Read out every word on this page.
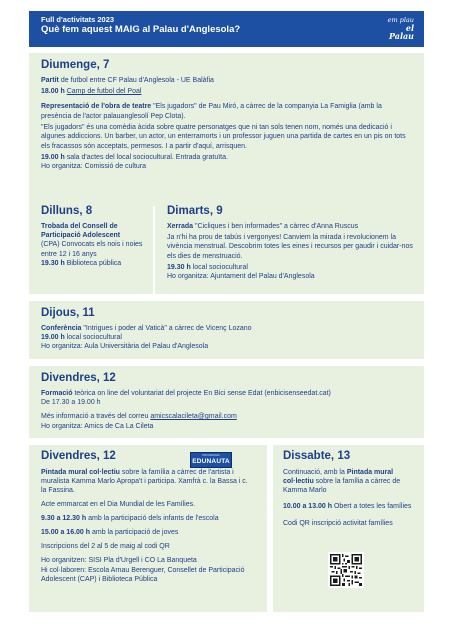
Full d'activitats 2023
Què fem aquest MAIG al Palau d'Anglesola?
em plau
el Palau
Diumenge, 7

Partit de futbol entre CF Palau d'Anglesola - UE Balàfia

18.00 h Camp de futbol del Poal

Representació de l'obra de teatre "Els jugadors" de Pau Miró, a càrrec de la companyia La Famiglia (amb la presència de l'actor palauanglesolí Pep Clota).

"Els jugadors" és una comèdia àcida sobre quatre personatges que ni tan sols tenen nom, només una dedicació i algunes addiccions. Un barber, un actor, un enterramorts i un professor juguen una partida de cartes en un pis on tots els fracassos són acceptats, permesos. I a partir d'aquí, arrisquen.

19.00 h sala d'actes del local sociocultural. Entrada gratuïta.

Ho organitza: Comissió de cultura

Dilluns, 8

Trobada del Consell de Participació Adolescent

(CPA) Convocats els nois i noies entre 12 i 16 anys

19.30 h Biblioteca pública

Dimarts, 9

Xerrada "Cicliques i ben informades" a càrrec d'Anna Ruscus

Ja n'hi ha prou de tabús i vergonyes! Canviem la mirada i revolucionem la vivència menstrual. Descobrim totes les eines i recursos per gaudir i cuidar-nos els dies de menstruació.

19.30 h local sociocultural

Ho organitza: Ajuntament del Palau d'Anglesola

Dijous, 11

Conferència "Intrigues i poder al Vaticà" a càrrec de Vicenç Lozano

19.00 h local sociocultural

Ho organitza: Aula Universitària del Palau d'Anglesola

Divendres, 12

Formació teòrica on line del voluntariat del projecte En Bici sense Edat (enbicisenseedat.cat)

De 17.30 a 19.00 h

Més informació a través del correu amicscalacileta@gmail.com

Ho organitza: Amics de Ca La Cileta

Divendres, 12

Pintada mural col·lectiu sobre la família a càrrec de l'artista i muralista Kamma Marlo Apropa't i participa. Xamfrà c. la Bassa i c. la Fassina.

Acte emmarcat en el Dia Mundial de les Famílies.

9.30 a 12.30 h amb la participació dels infants de l'escola

15.00 a 16.00 h amb la participació de joves

Inscripcions del 2 al 5 de maig al codi QR

Ho organitzen: SISI Pla d'Urgell i CO La Banqueta

Hi col·laboren: Escola Arnau Berenguer, Consellet de Participació Adolescent (CAP) i Biblioteca Pública

PROGRAMA
EDUNAUTA	Dissabte, 13

Continuació, amb la Pintada mural col·lectiu sobre la família a càrrec de Kamma Marlo

10.00 a 13.00 h Obert a totes les famílies

Codi QR inscripció activitat famílies
